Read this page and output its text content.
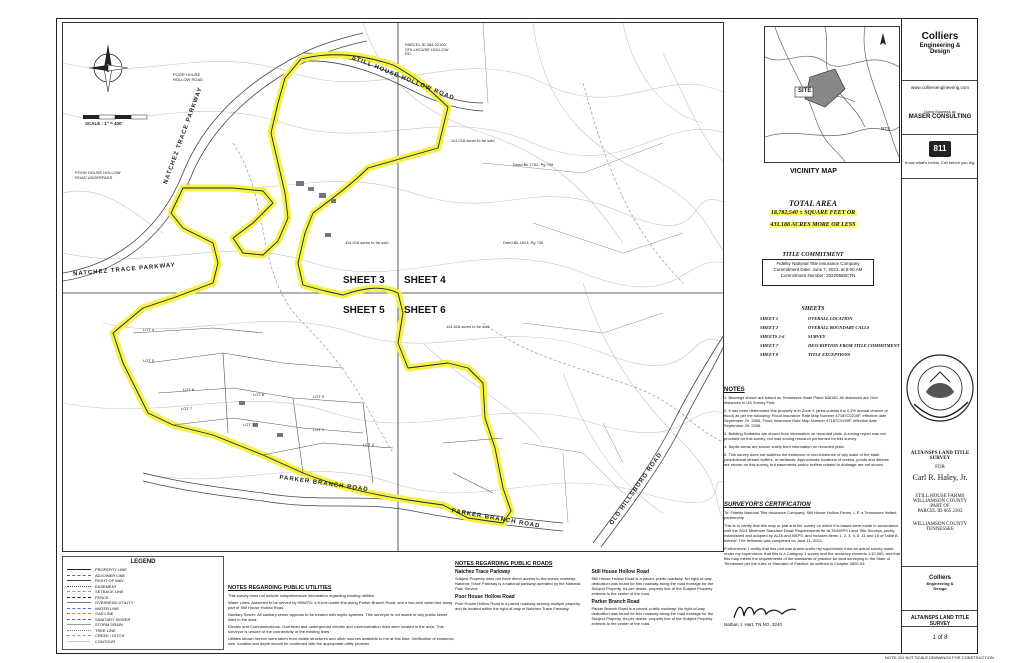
SCALE : 1" = 400'	NATCHEZ TRACE PARKWAY
NATCHEZ TRACE PARKWAY
STILL HOUSE HOLLOW ROAD
PARKER BRANCH ROAD
PARKER BRANCH ROAD	OLD HILLSBORO ROAD
SHEET 3 SHEET 4
SHEET 5 SHEET 6
POOR HOUSE HOLLOW ROAD
POOR HOUSE HOLLOW ROAD UNDERPASS
114.016 acres to be sold
114.016 acres to be sold
114.816 acres to be sold
PARCEL ID 064 02100 STILLHOUSE HOLLOW RD
Deed Bk 1752, Pg 739
Deed Bk 1813, Pg 730
LOT 4
LOT 5
LOT 6
LOT 7
LOT 8	LOT 9
LOT 1
LOT 2
LOT 3
SITE
NTS
VICINITY MAP
TOTAL AREA
18,782,540 ± SQUARE FEET OR
431.188 ACRES MORE OR LESS
TITLE COMMITMENT
Fidelity National Title Insurance Company
Commitment Date: June 7, 2021, at 8:00 AM
Commitment Number: 20220555CTN
SHEETS
SHEET 1	OVERALL LOCATION
SHEET 2	OVERALL BOUNDARY CALLS
SHEETS 3-6	SURVEY
SHEET 7	DESCRIPTION FROM TITLE COMMITMENT
SHEET 8	TITLE EXCEPTIONS
NOTES

1. Bearings shown are based on Tennessee State Plane NAD83. All distances are Grid distances in US Survey Feet.

2. It has been determined this property is in Zone X (area outside the 0.2% annual chance of flood) as per the following: Flood Insurance Rate Map Number 47187C0215F, effective date September 29, 2006, Flood Insurance Rate Map Number 47187C0190F, effective date September 29, 2006.

3. Building Setbacks are shown from information on recorded plats. A zoning report was not provided for this survey, nor was zoning research performed for this survey.

4. Septic areas are shown solely from information on recorded plats.

5. This survey does not address the existence or non-existence of any wake of the state, jurisdictional stream buffers, or wetlands. Approximate locations of creeks, ponds and ditches are shown on this survey, but easements and/or buffers related to drainage are not shown.

SURVEYOR'S CERTIFICATION

To: Fidelity National Title Insurance Company; Still House Hollow Farms, L.P. a Tennessee limited partnership

This is to certify that this map or plat and the survey on which it is based were made in accordance with the 2021 Minimum Standard Detail Requirements for ALTA/NSPS Land Title Surveys, jointly established and adopted by ALTA and NSPS, and includes items 1, 2, 3, 4, 8, 11 and 16 of Table A thereof. The fieldwork was completed on June 11, 2021.

Furthermore, I certify that this plat was drawn under my supervision from an actual survey made under my supervision; that this is a Category 1 survey and the accuracy exceeds 1:10,000; and that this map meets the requirements of the standards of practice for land surveying in the State of Tennessee per the rules of Standard of Practice as outlined in Chapter 0820-03.

Nathan J. Hart, TN NO. 3240
LEGEND
PROPERTY LINE
ADJOINER LINE
RIGHT OF WAY
EASEMENT
SETBACK LINE
FENCE
OVERHEAD UTILITY
WATER LINE
GAS LINE
SANITARY SEWER
STORM DRAIN
TREE LINE
CREEK / DITCH
CONTOUR
NOTES REGARDING PUBLIC UTILITIES

This survey does not include comprehensive information regarding existing utilities.

Water Lines: Assumed to be served by HBWTD; a 6-inch water line along Parker Branch Road, and a two-inch water line along part of Still House Hollow Road.

Sanitary Sewer: All sanitary sewer appears to be treated with septic systems. This surveyor is not aware of any public sewer lines in the area.

Electric and Communications: Overhead and underground electric and communication lines were located in the area. This surveyor is unsure of the connectivity of the existing lines.

Utilities shown hereon were taken from visible structures and other sources available to me at this time. Verification of existence, size, location and depth should be confirmed with the appropriate utility provider.

NOTES REGARDING PUBLIC ROADS
Natchez Trace Parkway

Subject Property does not have direct access to the scenic roadway. Natchez Trace Parkway is a national parkway operated by the National Park Service.

Poor House Hollow Road

Poor House Hollow Road is a paved roadway serving multiple property and its located within the right-of-way of Natchez Trace Parkway.

Still House Hollow Road

Still House Hollow Road is a paved, public roadway. No right-of-way dedication was found for this roadway along the road frontage for the Subject Property. As per deeds, property line of the Subject Property extends to the center of the road.

Parker Branch Road

Parker Branch Road is a paved, public roadway. No right-of-way dedication was found for this roadway along the road frontage for the Subject Property. As per deeds, property line of the Subject Property extends to the center of the road.

Colliers
Engineering & Design
www.colliersengineering.com
Doing Business as
MASER CONSULTING
811
Know what's below. Call before you dig.
ALTA/NSPS LAND TITLE SURVEY
FOR
Carl R. Haley, Jr.
STILL HOUSE FARMS
WILLIAMSON COUNTY
PART OF
PARCEL ID 065 2302
WILLIAMSON COUNTY
TENNESSEE
Colliers
Engineering & Design
ALTA/NSPS LAND TITLE SURVEY
1 of 8
NOTE: DO NOT SCALE DRAWINGS FOR CONSTRUCTION
